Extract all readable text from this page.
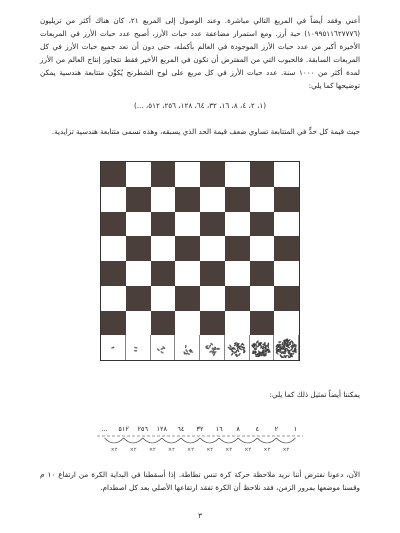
أعني وفقد أيضاً في المربع التالي مباشرة. وعند الوصول إلى المربع ٢١، كان هناك أكثر من تريليون (١٠٩٩٥١١٦٢٧٧٧٦) حبة أرز. ومع استمرار مضاعفة عدد حبات الأرز، أصبح عدد حبات الأرز في المربعات الأخيرة أكبر من عدد حبات الأرز الموجودة في العالم بأكمله، حتى دون أن نعد جميع حبات الأرز في كل المربعات السابقة. فالحبوب التي من المفترض أن تكون في المربع الأخير فقط تتجاوز إنتاج العالم من الأرز لمدة أكثر من ١٠٠٠ سنة. عدد حبات الأرز في كل مربع على لوح الشطرنج يُكوِّن متتابعة هندسية يمكن توضيحها كما يلي:

(١، ٢، ٤، ٨، ١٦، ٣٢، ٦٤، ١٢٨، ٢٥٦، ٥١٢، ...)

حيث قيمة كل حدٍّ في المتتابعة تساوي ضعف قيمة الحد الذي يسبقه، وهذه تسمى متتابعة هندسية تزايدية.

يمكننا أيضاً تمثيل ذلك كما يلي:

١
٢
٤
٨
١٦
٣٢
٦٤
١٢٨
٢٥٦
٥١٢
...
×٢
×٢
×٢
×٢
×٢
×٢
×٢
×٢
×٢
×٢

الآن، دعونا نفترض أننا نريد ملاحظة حركة كرة تنس تطاطة. إذا أسقطنا في البداية الكرة من ارتفاع ١٠ م وقسنا موضعها بمرور الزمن، فقد نلاحظ أن الكرة تفقد ارتفاعها الأصلي بعد كل اصطدام.

٣
